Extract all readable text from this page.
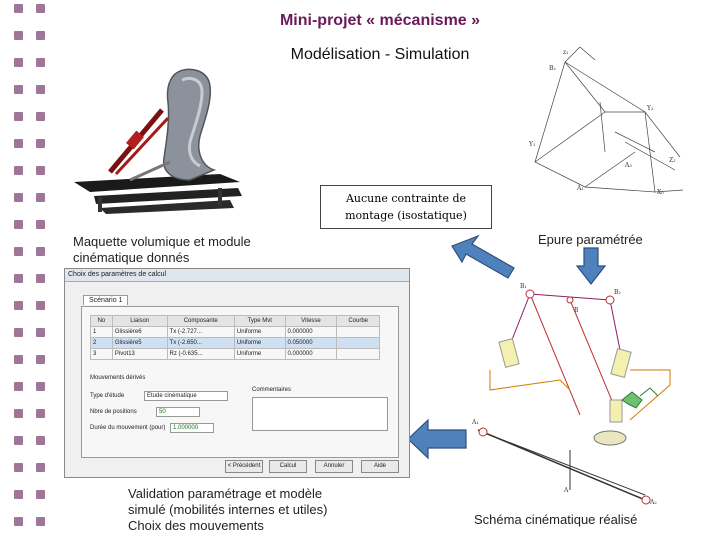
Mini-projet « mécanisme »
Modélisation - Simulation	z₁
B₂
Y₁
Y₂
Z₂
X₀
A₁
A₃
Aucune contrainte de
montage (isostatique)
Maquette volumique et module
cinématique donnés
Epure paramétrée
Validation paramétrage et modèle
simulé (mobilités internes et utiles)
Choix des mouvements	Schéma cinématique réalisé
Choix des paramètres de calcul
Scénario 1
No	Liaison	Composante	Type Mvt	Vitesse	Courbe
1	Glissière6	Tx (-2.727...	Uniforme	0.000000	
2	Glissière5	Tx (-2.650...	Uniforme	0.050000	
3	Pivot13	Rz (-0.635...	Uniforme	0.000000	
Mouvements dérivés
Type d'étude	Etude cinématique
Commentaires
Nbre de positions	50
Durée du mouvement (pour)	1.000000
< Précédent	Calcul	Annuler	Aide
B₁
B₂
A₁
A₂
A
B
